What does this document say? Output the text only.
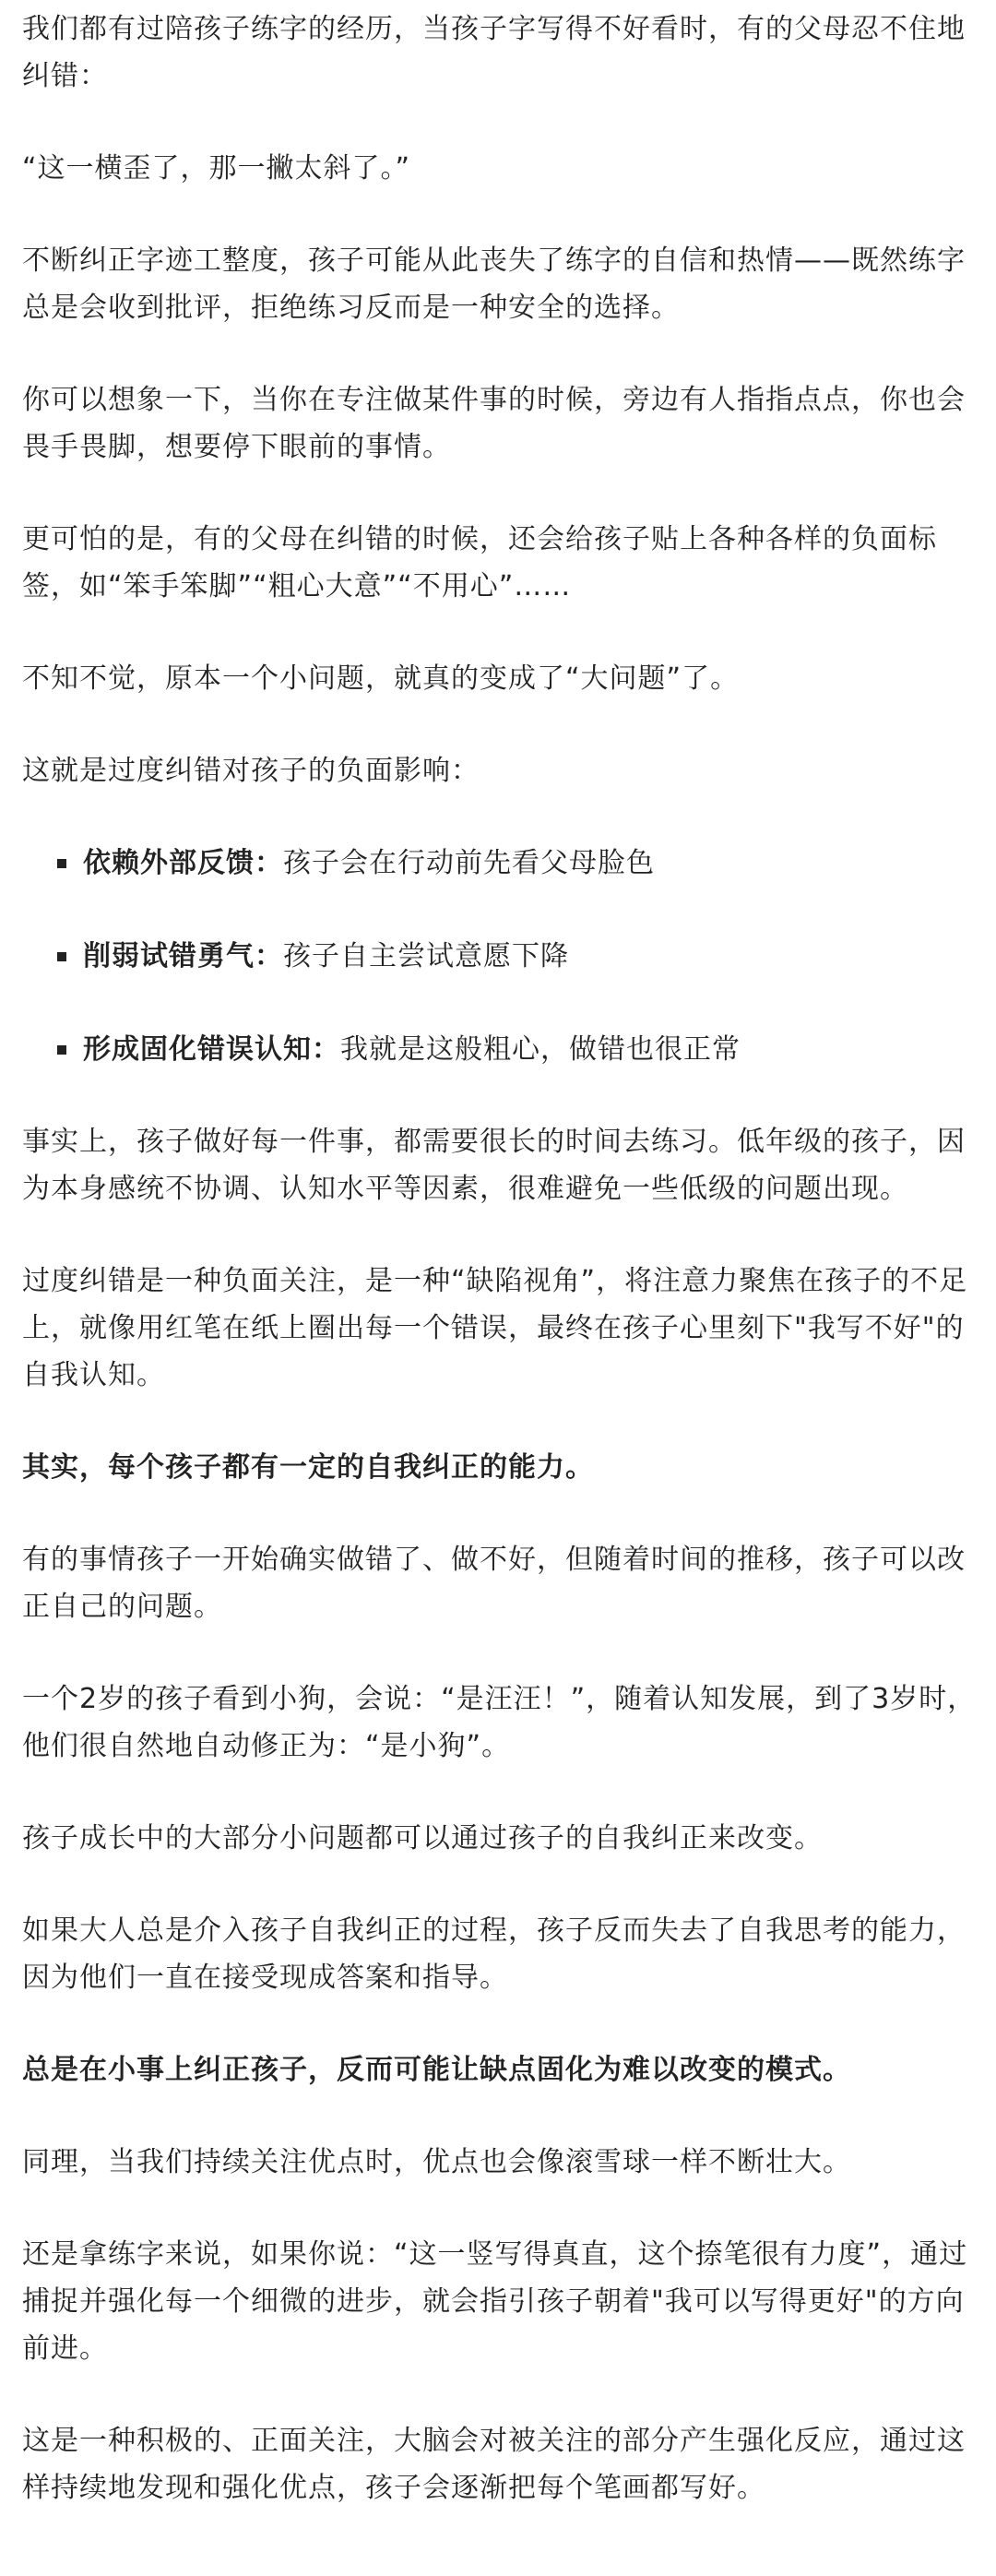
我们都有过陪孩子练字的经历，当孩子字写得不好看时，有的父母忍不住地纠错：

“这一横歪了，那一撇太斜了。”

不断纠正字迹工整度，孩子可能从此丧失了练字的自信和热情——既然练字总是会收到批评，拒绝练习反而是一种安全的选择。

你可以想象一下，当你在专注做某件事的时候，旁边有人指指点点，你也会畏手畏脚，想要停下眼前的事情。

更可怕的是，有的父母在纠错的时候，还会给孩子贴上各种各样的负面标签，如“笨手笨脚”“粗心大意”“不用心”……

不知不觉，原本一个小问题，就真的变成了“大问题”了。

这就是过度纠错对孩子的负面影响：

依赖外部反馈：孩子会在行动前先看父母脸色
削弱试错勇气：孩子自主尝试意愿下降
形成固化错误认知：我就是这般粗心，做错也很正常

事实上，孩子做好每一件事，都需要很长的时间去练习。低年级的孩子，因为本身感统不协调、认知水平等因素，很难避免一些低级的问题出现。

过度纠错是一种负面关注，是一种“缺陷视角”，将注意力聚焦在孩子的不足上，就像用红笔在纸上圈出每一个错误，最终在孩子心里刻下"我写不好"的自我认知。

其实，每个孩子都有一定的自我纠正的能力。

有的事情孩子一开始确实做错了、做不好，但随着时间的推移，孩子可以改正自己的问题。

一个2岁的孩子看到小狗，会说：“是汪汪！”，随着认知发展，到了3岁时，他们很自然地自动修正为：“是小狗”。

孩子成长中的大部分小问题都可以通过孩子的自我纠正来改变。

如果大人总是介入孩子自我纠正的过程，孩子反而失去了自我思考的能力，因为他们一直在接受现成答案和指导。

总是在小事上纠正孩子，反而可能让缺点固化为难以改变的模式。

同理，当我们持续关注优点时，优点也会像滚雪球一样不断壮大。

还是拿练字来说，如果你说：“这一竖写得真直，这个捺笔很有力度”，通过捕捉并强化每一个细微的进步，就会指引孩子朝着"我可以写得更好"的方向前进。

这是一种积极的、正面关注，大脑会对被关注的部分产生强化反应，通过这样持续地发现和强化优点，孩子会逐渐把每个笔画都写好。
